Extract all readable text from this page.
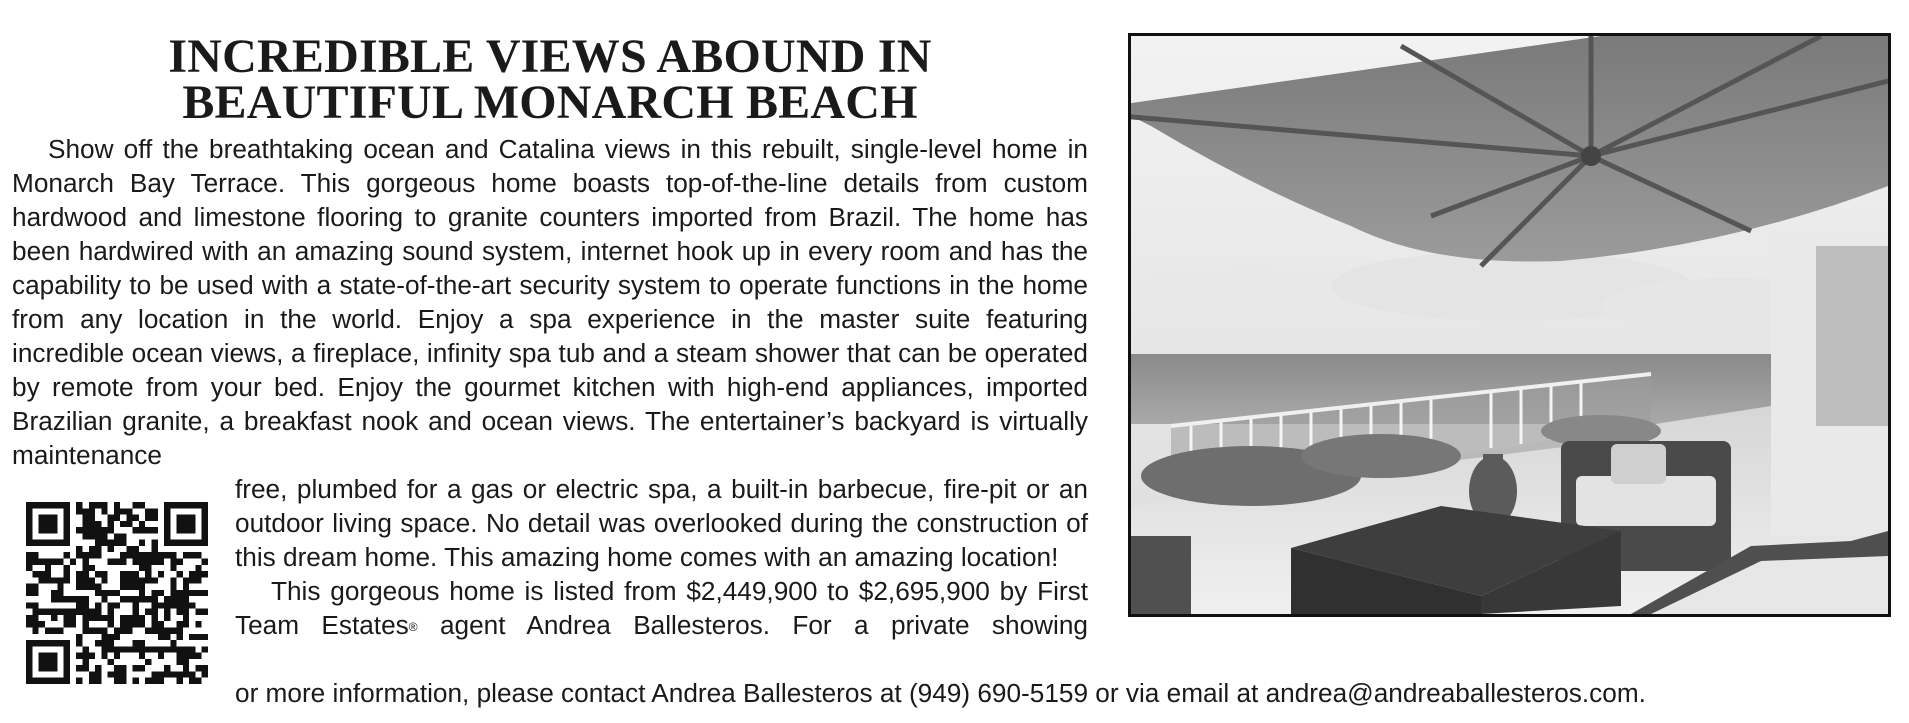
INCREDIBLE VIEWS ABOUND IN
BEAUTIFUL MONARCH BEACH

Show off the breathtaking ocean and Catalina views in this rebuilt, single-level home in Monarch Bay Terrace. This gorgeous home boasts top-of-the-line details from custom hardwood and limestone flooring to granite counters imported from Brazil. The home has been hardwired with an amazing sound system, internet hook up in every room and has the capability to be used with a state-of-the-art security system to operate functions in the home from any location in the world. Enjoy a spa experience in the master suite featuring incredible ocean views, a fireplace, infinity spa tub and a steam shower that can be operated by remote from your bed. Enjoy the gourmet kitchen with high-end appliances, imported Brazilian granite, a breakfast nook and ocean views. The entertainer’s backyard is virtually maintenance

free, plumbed for a gas or electric spa, a built-in barbecue, fire-pit or an outdoor living space. No detail was overlooked during the construction of this dream home. This amazing home comes with an amazing location!

This gorgeous home is listed from $2,449,900 to $2,695,900 by First Team Estates® agent Andrea Ballesteros. For a private showing

or more information, please contact Andrea Ballesteros at (949) 690-5159 or via email at andrea@andreaballesteros.com.
